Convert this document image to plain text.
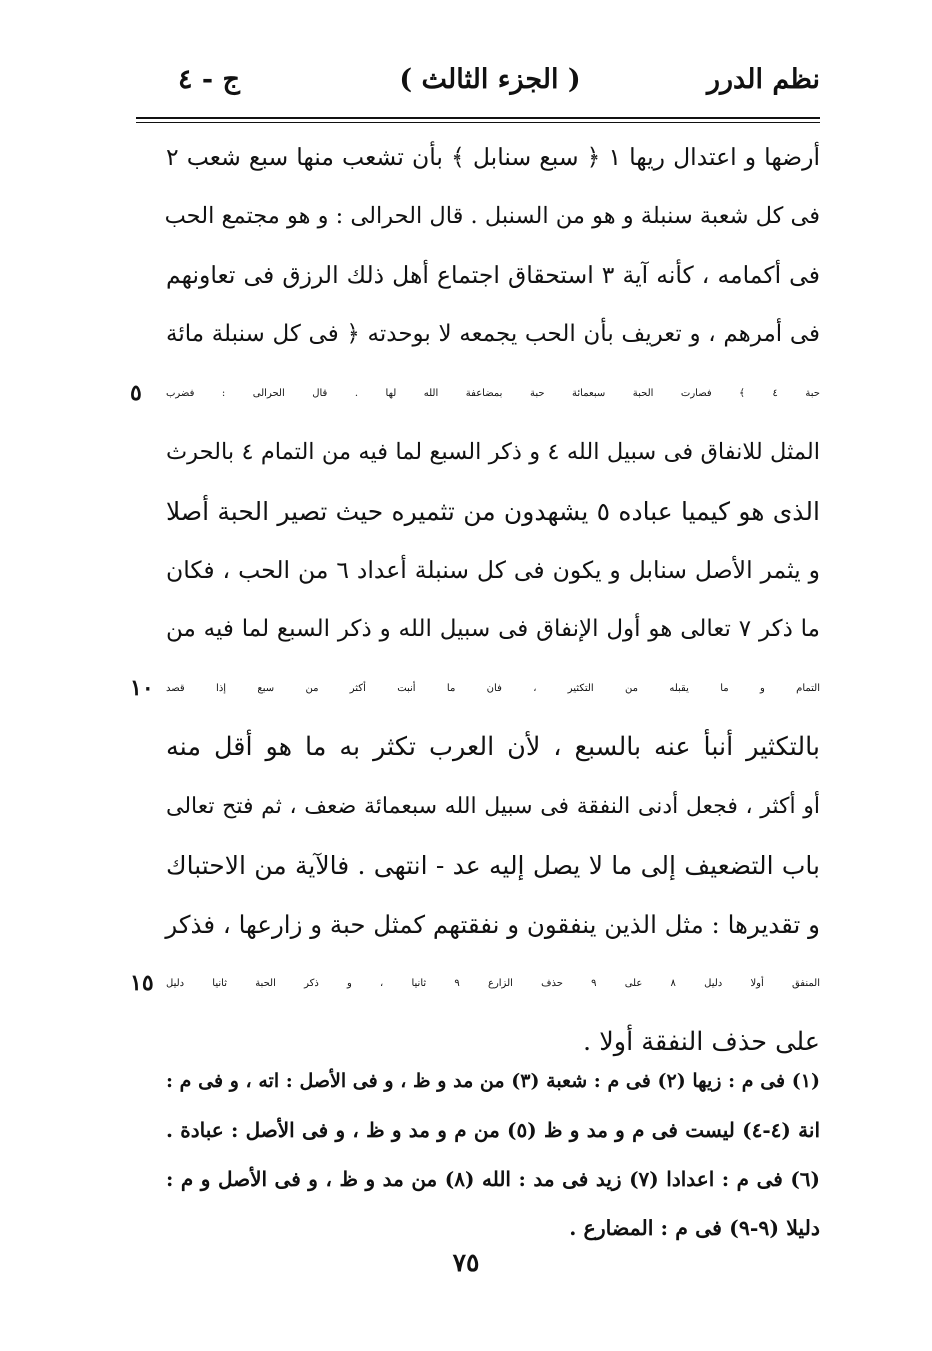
نظم الدرر
( الجزء الثالث )
ج - ٤
أرضها و اعتدال ريها ١ ﴿ سبع سنابل ﴾ بأن تشعب منها سبع شعب ٢
فى كل شعبة سنبلة و هو من السنبل . قال الحرالى : و هو مجتمع الحب
فى أكمامه ، كأنه آية ٣ استحقاق اجتماع أهل ذلك الرزق فى تعاونهم
فى أمرهم ، و تعريف بأن الحب يجمعه لا بوحدته ﴿ فى كل سنبلة مائة
حبة ٤ ﴾ فصارت الحبة سبعمائة حبة بمضاعفة الله لها . قال الحرالى : فضرب
٥
المثل للانفاق فى سبيل الله ٤ و ذكر السبع لما فيه من التمام ٤ بالحرث
الذى هو كيميا عباده ٥ يشهدون من تثميره حيث تصير الحبة أصلا
و يثمر الأصل سنابل و يكون فى كل سنبلة أعداد ٦ من الحب ، فكان
ما ذكر ٧ تعالى هو أول الإنفاق فى سبيل الله و ذكر السبع لما فيه من
التمام و ما يقبله من التكثير ، فان ما أنبت أكثر من سبع إذا قصد
١٠
بالتكثير أنبأ عنه بالسبع ، لأن العرب تكثر به ما هو أقل منه
أو أكثر ، فجعل أدنى النفقة فى سبيل الله سبعمائة ضعف ، ثم فتح تعالى
باب التضعيف إلى ما لا يصل إليه عد - انتهى . فالآية من الاحتباك
و تقديرها : مثل الذين ينفقون و نفقتهم كمثل حبة و زارعها ، فذكر
المنفق أولا دليل ٨ على ٩ حذف الزارع ٩ ثانيا ، و ذكر الحبة ثانيا دليل
١٥
على حذف النفقة أولا .
(١) فى م : زيها (٢) فى م : شعبة (٣) من مد و ظ ، و فى الأصل : اته ، و فى م :
انة (٤-٤) ليست فى م و مد و ظ (٥) من م و مد و ظ ، و فى الأصل : عبادة .
(٦) فى م : اعدادا (٧) زيد فى مد : الله (٨) من مد و ظ ، و فى الأصل و م :
دليلا (٩-٩) فى م : المضارع .
٧٥
